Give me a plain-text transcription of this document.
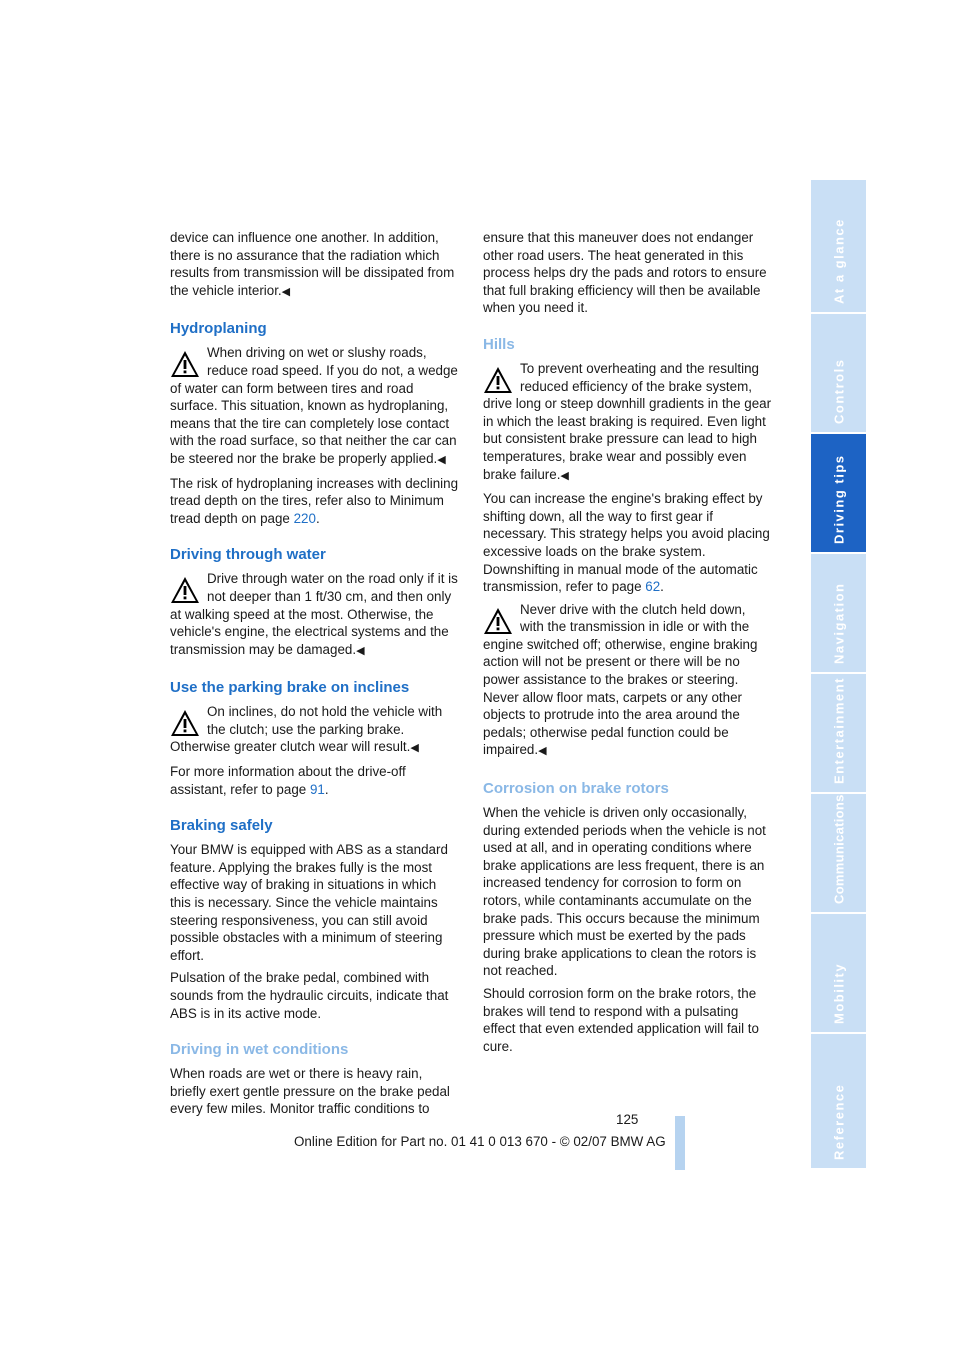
device can influence one another. In addition, there is no assurance that the radiation which results from transmission will be dissipated from the vehicle interior.◀

Hydroplaning
When driving on wet or slushy roads, reduce road speed. If you do not, a wedge of water can form between tires and road surface. This situation, known as hydroplaning, means that the tire can completely lose contact with the road surface, so that neither the car can be steered nor the brake be properly applied.◀

The risk of hydroplaning increases with declining tread depth on the tires, refer also to Minimum tread depth on page 220.

Driving through water
Drive through water on the road only if it is not deeper than 1 ft/30 cm, and then only at walking speed at the most. Otherwise, the vehicle's engine, the electrical systems and the transmission may be damaged.◀
Use the parking brake on inclines
On inclines, do not hold the vehicle with the clutch; use the parking brake. Otherwise greater clutch wear will result.◀

For more information about the drive-off assistant, refer to page 91.

Braking safely

Your BMW is equipped with ABS as a standard feature. Applying the brakes fully is the most effective way of braking in situations in which this is necessary. Since the vehicle maintains steering responsiveness, you can still avoid possible obstacles with a minimum of steering effort.

Pulsation of the brake pedal, combined with sounds from the hydraulic circuits, indicate that ABS is in its active mode.

Driving in wet conditions

When roads are wet or there is heavy rain, briefly exert gentle pressure on the brake pedal every few miles. Monitor traffic conditions to

ensure that this maneuver does not endanger other road users. The heat generated in this process helps dry the pads and rotors to ensure that full braking efficiency will then be available when you need it.

Hills
To prevent overheating and the resulting reduced efficiency of the brake system, drive long or steep downhill gradients in the gear in which the least braking is required. Even light but consistent brake pressure can lead to high temperatures, brake wear and possibly even brake failure.◀

You can increase the engine's braking effect by shifting down, all the way to first gear if necessary. This strategy helps you avoid placing excessive loads on the brake system. Downshifting in manual mode of the automatic transmission, refer to page 62.

Never drive with the clutch held down, with the transmission in idle or with the engine switched off; otherwise, engine braking action will not be present or there will be no power assistance to the brakes or steering. Never allow floor mats, carpets or any other objects to protrude into the area around the pedals; otherwise pedal function could be impaired.◀
Corrosion on brake rotors

When the vehicle is driven only occasionally, during extended periods when the vehicle is not used at all, and in operating conditions where brake applications are less frequent, there is an increased tendency for corrosion to form on rotors, while contaminants accumulate on the brake pads. This occurs because the minimum pressure which must be exerted by the pads during brake applications to clean the rotors is not reached.

Should corrosion form on the brake rotors, the brakes will tend to respond with a pulsating effect that even extended application will fail to cure.

At a glance
Controls
Driving tips
Navigation
Entertainment
Communications
Mobility
Reference
125
Online Edition for Part no. 01 41 0 013 670 - © 02/07 BMW AG
